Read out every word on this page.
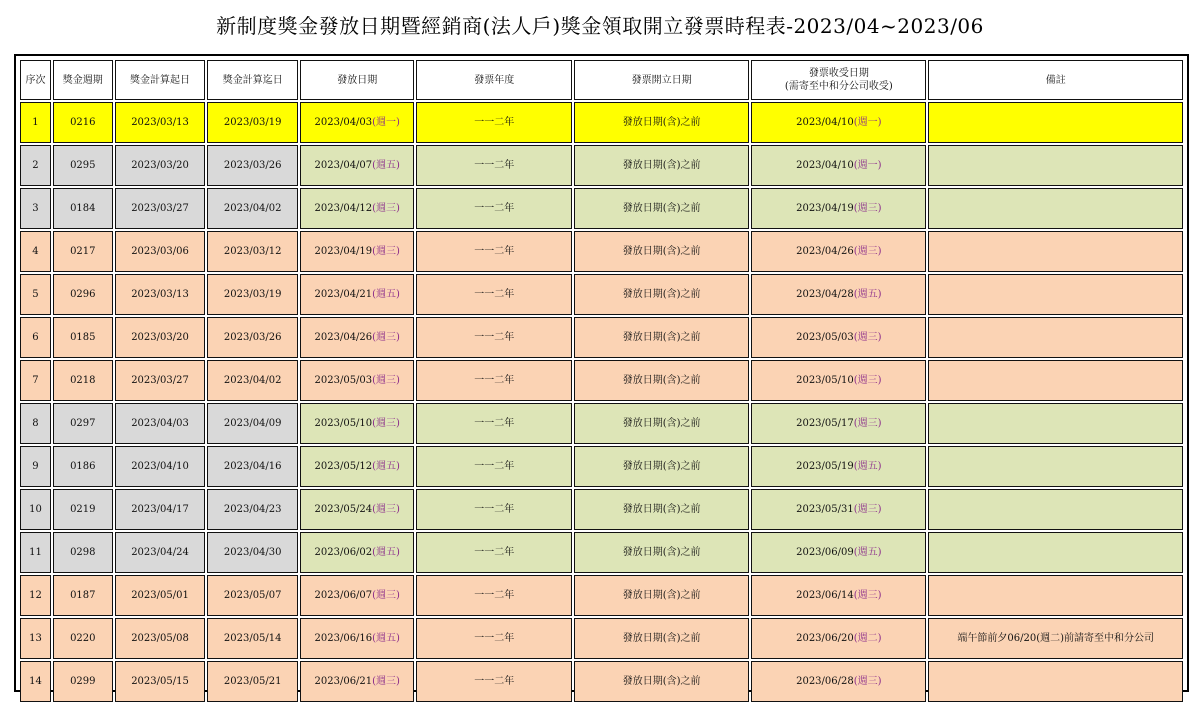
新制度獎金發放日期暨經銷商(法人戶)獎金領取開立發票時程表-2023/04~2023/06
序次	獎金週期	獎金計算起日	獎金計算迄日	發放日期	發票年度	發票開立日期	發票收受日期
(需寄至中和分公司收受)	備註
1	0216	2023/03/13	2023/03/19	2023/04/03(週一)	一一二年	發放日期(含)之前	2023/04/10(週一)	
2	0295	2023/03/20	2023/03/26	2023/04/07(週五)	一一二年	發放日期(含)之前	2023/04/10(週一)	
3	0184	2023/03/27	2023/04/02	2023/04/12(週三)	一一二年	發放日期(含)之前	2023/04/19(週三)	
4	0217	2023/03/06	2023/03/12	2023/04/19(週三)	一一二年	發放日期(含)之前	2023/04/26(週三)	
5	0296	2023/03/13	2023/03/19	2023/04/21(週五)	一一二年	發放日期(含)之前	2023/04/28(週五)	
6	0185	2023/03/20	2023/03/26	2023/04/26(週三)	一一二年	發放日期(含)之前	2023/05/03(週三)	
7	0218	2023/03/27	2023/04/02	2023/05/03(週三)	一一二年	發放日期(含)之前	2023/05/10(週三)	
8	0297	2023/04/03	2023/04/09	2023/05/10(週三)	一一二年	發放日期(含)之前	2023/05/17(週三)	
9	0186	2023/04/10	2023/04/16	2023/05/12(週五)	一一二年	發放日期(含)之前	2023/05/19(週五)	
10	0219	2023/04/17	2023/04/23	2023/05/24(週三)	一一二年	發放日期(含)之前	2023/05/31(週三)	
11	0298	2023/04/24	2023/04/30	2023/06/02(週五)	一一二年	發放日期(含)之前	2023/06/09(週五)	
12	0187	2023/05/01	2023/05/07	2023/06/07(週三)	一一二年	發放日期(含)之前	2023/06/14(週三)	
13	0220	2023/05/08	2023/05/14	2023/06/16(週五)	一一二年	發放日期(含)之前	2023/06/20(週二)	端午節前夕06/20(週二)前請寄至中和分公司
14	0299	2023/05/15	2023/05/21	2023/06/21(週三)	一一二年	發放日期(含)之前	2023/06/28(週三)	
